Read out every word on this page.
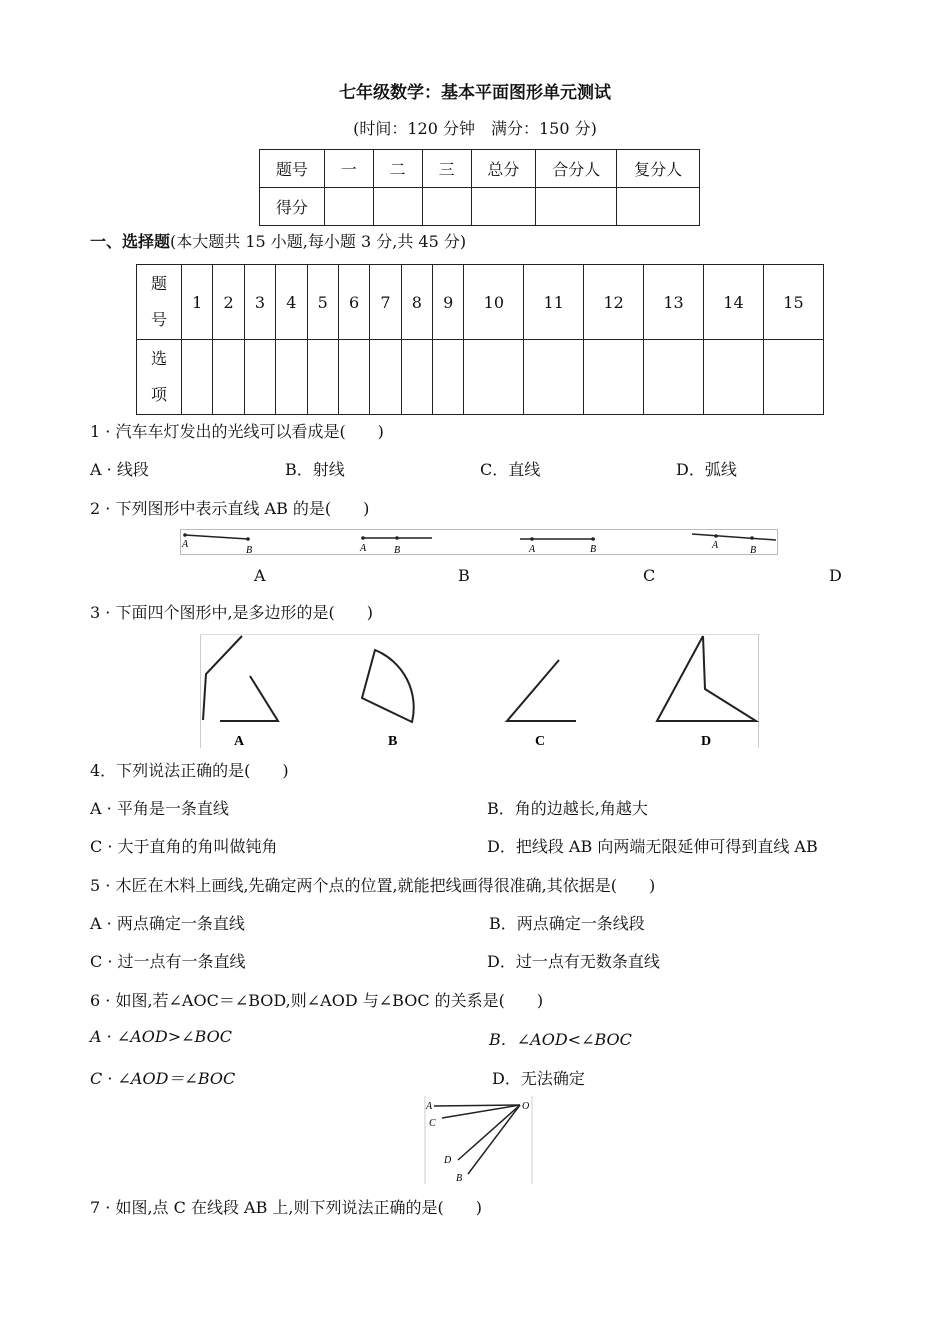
七年级数学：基本平面图形单元测试
(时间：120 分钟　满分：150 分)
题号	一	二	三	总分	合分人	复分人
得分						
一、选择题(本大题共 15 小题,每小题 3 分,共 45 分)
题号	1	2	3	4	5	6	7	8	9	10	11	12	13	14	15

选项															

1 · 汽车车灯发出的光线可以看成是(　　)
A · 线段	B．射线	C．直线	D．弧线
2 · 下列图形中表示直线 AB 的是(　　)
A
B	A	B	A	B	A	B
A	B	C	D
3 · 下面四个图形中,是多边形的是(　　)
A	B	C	D
4．下列说法正确的是(　　)
A · 平角是一条直线	B．角的边越长,角越大
C · 大于直角的角叫做钝角	D．把线段 AB 向两端无限延伸可得到直线 AB
5 · 木匠在木料上画线,先确定两个点的位置,就能把线画得很准确,其依据是(　　)
A · 两点确定一条直线	B．两点确定一条线段
C · 过一点有一条直线	D．过一点有无数条直线
6 · 如图,若∠AOC＝∠BOD,则∠AOD 与∠BOC 的关系是(　　)
A · ∠AOD>∠BOC	B．∠AOD<∠BOC
C · ∠AOD＝∠BOC	D．无法确定
A
C
D
B
O
7 · 如图,点 C 在线段 AB 上,则下列说法正确的是(　　)
